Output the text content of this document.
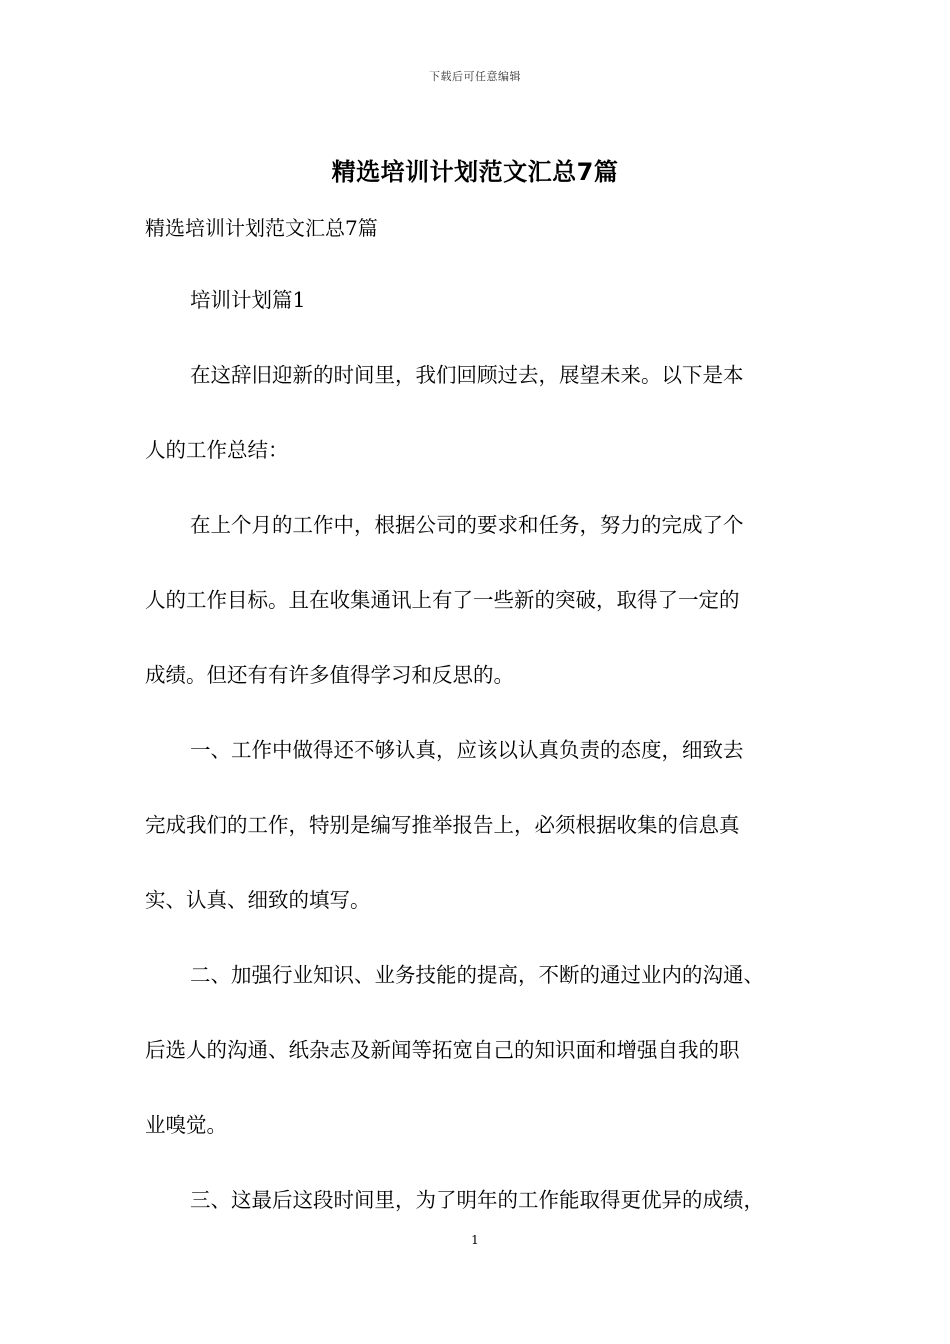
下载后可任意编辑
精选培训计划范文汇总7篇
精选培训计划范文汇总7篇
培训计划篇1
在这辞旧迎新的时间里，我们回顾过去，展望未来。以下是本
人的工作总结：
在上个月的工作中，根据公司的要求和任务，努力的完成了个
人的工作目标。且在收集通讯上有了一些新的突破，取得了一定的
成绩。但还有有许多值得学习和反思的。
一、工作中做得还不够认真，应该以认真负责的态度，细致去
完成我们的工作，特别是编写推举报告上，必须根据收集的信息真
实、认真、细致的填写。
二、加强行业知识、业务技能的提高，不断的通过业内的沟通、
后选人的沟通、纸杂志及新闻等拓宽自己的知识面和增强自我的职
业嗅觉。
三、这最后这段时间里，为了明年的工作能取得更优异的成绩，
1
